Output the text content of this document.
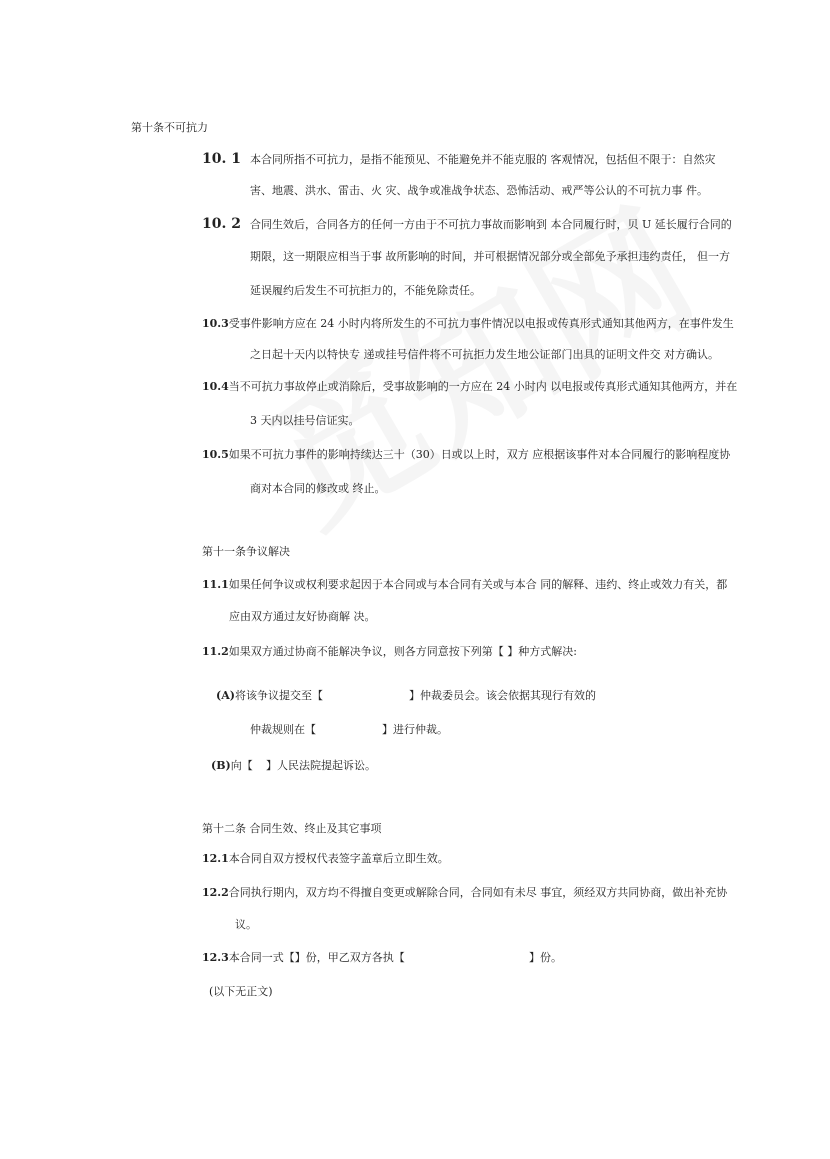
第十条不可抗力
10. 1 本合同所指不可抗力，是指不能预见、不能避免并不能克服的 客观情况，包括但不限于：自然灾
害、地震、洪水、雷击、火 灾、战争或准战争状态、恐怖活动、戒严等公认的不可抗力事 件。
10. 2 合同生效后，合同各方的任何一方由于不可抗力事故而影响到 本合同履行时，贝 U 延长履行合同的
期限，这一期限应相当于事 故所影响的时间，并可根据情况部分或全部免予承担违约责任， 但一方
延误履约后发生不可抗拒力的，不能免除责任。
10.3受事件影响方应在 24 小时内将所发生的不可抗力事件情况以电报或传真形式通知其他两方，在事件发生
之日起十天内以特快专 递或挂号信件将不可抗拒力发生地公证部门出具的证明文件交 对方确认。
10.4当不可抗力事故停止或消除后，受事故影响的一方应在 24 小时内 以电报或传真形式通知其他两方，并在
3 天内以挂号信证实。
10.5如果不可抗力事件的影响持续达三十（30）日或以上时，双方 应根据该事件对本合同履行的影响程度协
商对本合同的修改或 终止。
第十一条争议解决
11.1如果任何争议或权利要求起因于本合同或与本合同有关或与本合 同的解释、违约、终止或效力有关，都
应由双方通过友好协商解 决。
11.2如果双方通过协商不能解决争议，则各方同意按下列第【 】种方式解决:
(A)将该争议提交至【	】仲裁委员会。该会依据其现行有效的
仲裁规则在【	】进行仲裁。
(B)向【 】人民法院提起诉讼。
第十二条 合同生效、终止及其它事项
12.1本合同自双方授权代表签字盖章后立即生效。
12.2合同执行期内，双方均不得擅自变更或解除合同，合同如有未尽 事宜，须经双方共同协商，做出补充协
议。
12.3本合同一式【】份，甲乙双方各执【	】份。
(以下无正文)
